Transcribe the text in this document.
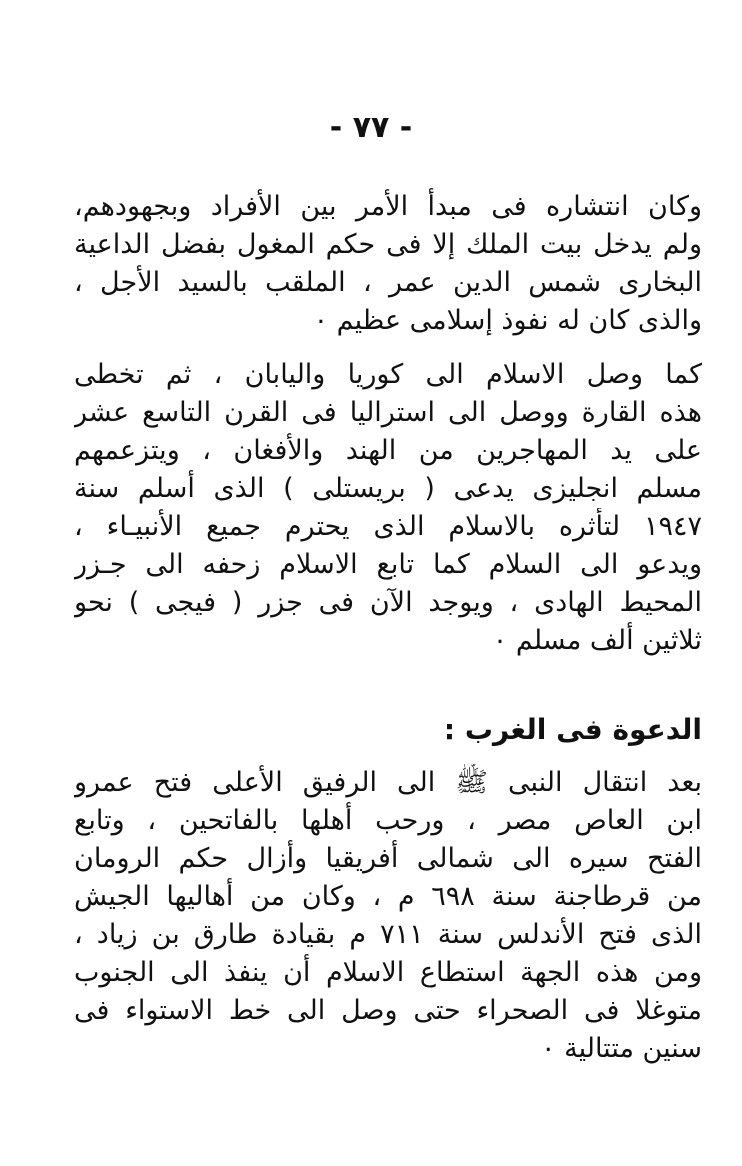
- ٧٧ -
وكان انتشاره فى مبدأ الأمر بين الأفراد وبجهودهم،
ولم يدخل بيت الملك إلا فى حكم المغول بفضل الداعية
البخارى شمس الدين عمر ، الملقب بالسيد الأجل ،
والذى كان له نفوذ إسلامى عظيم ٠
كما وصل الاسلام الى كوريا واليابان ، ثم تخطى
هذه القارة ووصل الى استراليا فى القرن التاسع عشر
على يد المهاجرين من الهند والأفغان ، ويتزعمهم
مسلم انجليزى يدعى ( بريستلى ) الذى أسلم سنة
١٩٤٧ لتأثره بالاسلام الذى يحترم جميع الأنبيـاء ،
ويدعو الى السلام كما تابع الاسلام زحفه الى جـزر
المحيط الهادى ، ويوجد الآن فى جزر ( فيجى ) نحو
ثلاثين ألف مسلم ٠
الدعوة فى الغرب :
بعد انتقال النبى ﷺ الى الرفيق الأعلى فتح عمرو
ابن العاص مصر ، ورحب أهلها بالفاتحين ، وتابع
الفتح سيره الى شمالى أفريقيا وأزال حكم الرومان
من قرطاجنة سنة ٦٩٨ م ، وكان من أهاليها الجيش
الذى فتح الأندلس سنة ٧١١ م بقيادة طارق بن زياد ،
ومن هذه الجهة استطاع الاسلام أن ينفذ الى الجنوب
متوغلا فى الصحراء حتى وصل الى خط الاستواء فى
سنين متتالية ٠
